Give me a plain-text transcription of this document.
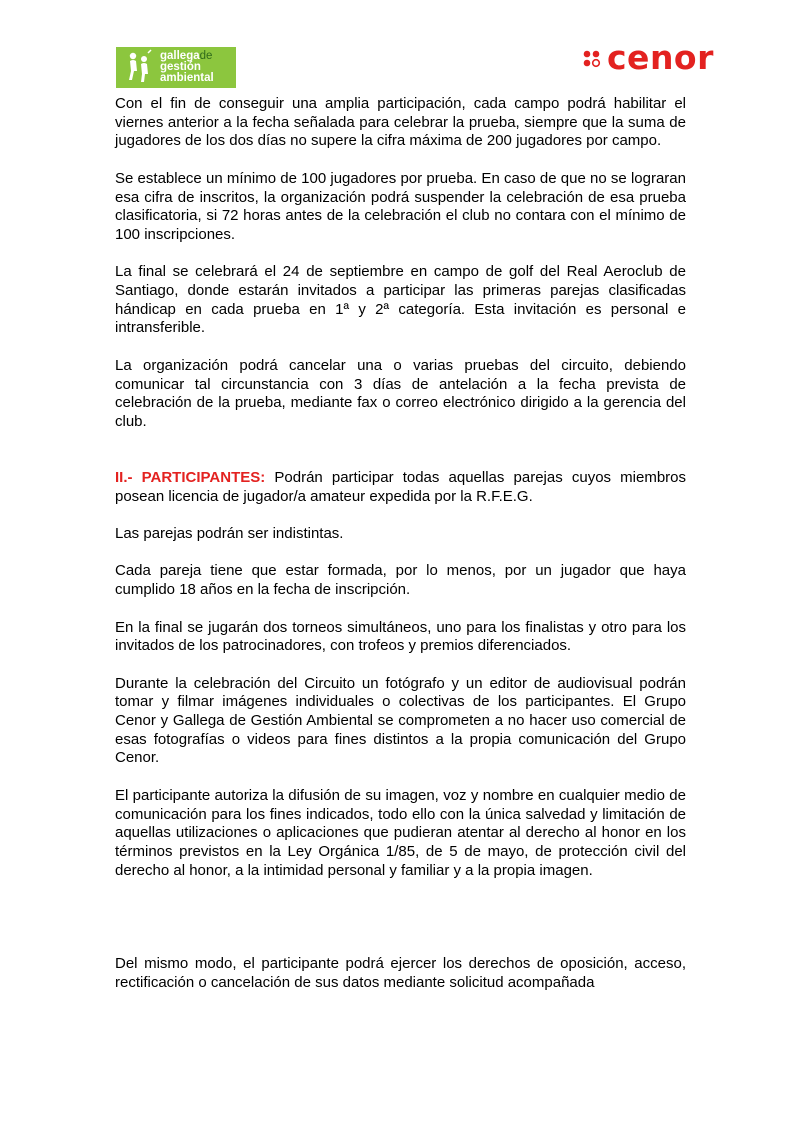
gallegade
gestión
ambiental
cenor

Con el fin de conseguir una amplia participación, cada campo podrá habilitar el viernes anterior a la fecha señalada para celebrar la prueba, siempre que la suma de jugadores de los dos días no supere la cifra máxima de 200 jugadores por campo.

Se establece un mínimo de 100 jugadores por prueba. En caso de que no se lograran esa cifra de inscritos, la organización podrá suspender la celebración de esa prueba clasificatoria, si 72 horas antes de la celebración el club no contara con el mínimo de 100 inscripciones.

La final se celebrará el 24 de septiembre en campo de golf del Real Aeroclub de Santiago, donde estarán invitados a participar las primeras parejas clasificadas hándicap en cada prueba en 1ª y 2ª categoría. Esta invitación es personal e intransferible.

La organización podrá cancelar una o varias pruebas del circuito, debiendo comunicar tal circunstancia con 3 días de antelación a la fecha prevista de celebración de la prueba, mediante fax o correo electrónico dirigido a la gerencia del club.

II.- PARTICIPANTES: Podrán participar todas aquellas parejas cuyos miembros posean licencia de jugador/a amateur expedida por la R.F.E.G.

Las parejas podrán ser indistintas.

Cada pareja tiene que estar formada, por lo menos, por un jugador que haya cumplido 18 años en la fecha de inscripción.

En la final se jugarán dos torneos simultáneos, uno para los finalistas y otro para los invitados de los patrocinadores, con trofeos y premios diferenciados.

Durante la celebración del Circuito un fotógrafo y un editor de audiovisual podrán tomar y filmar imágenes individuales o colectivas de los participantes. El Grupo Cenor y Gallega de Gestión Ambiental se comprometen a no hacer uso comercial de esas fotografías o videos para fines distintos a la propia comunicación del Grupo Cenor.

El participante autoriza la difusión de su imagen, voz y nombre en cualquier medio de comunicación para los fines indicados, todo ello con la única salvedad y limitación de aquellas utilizaciones o aplicaciones que pudieran atentar al derecho al honor en los términos previstos en la Ley Orgánica 1/85, de 5 de mayo, de protección civil del derecho al honor, a la intimidad personal y familiar y a la propia imagen.

Del mismo modo, el participante podrá ejercer los derechos de oposición, acceso, rectificación o cancelación de sus datos mediante solicitud acompañada
